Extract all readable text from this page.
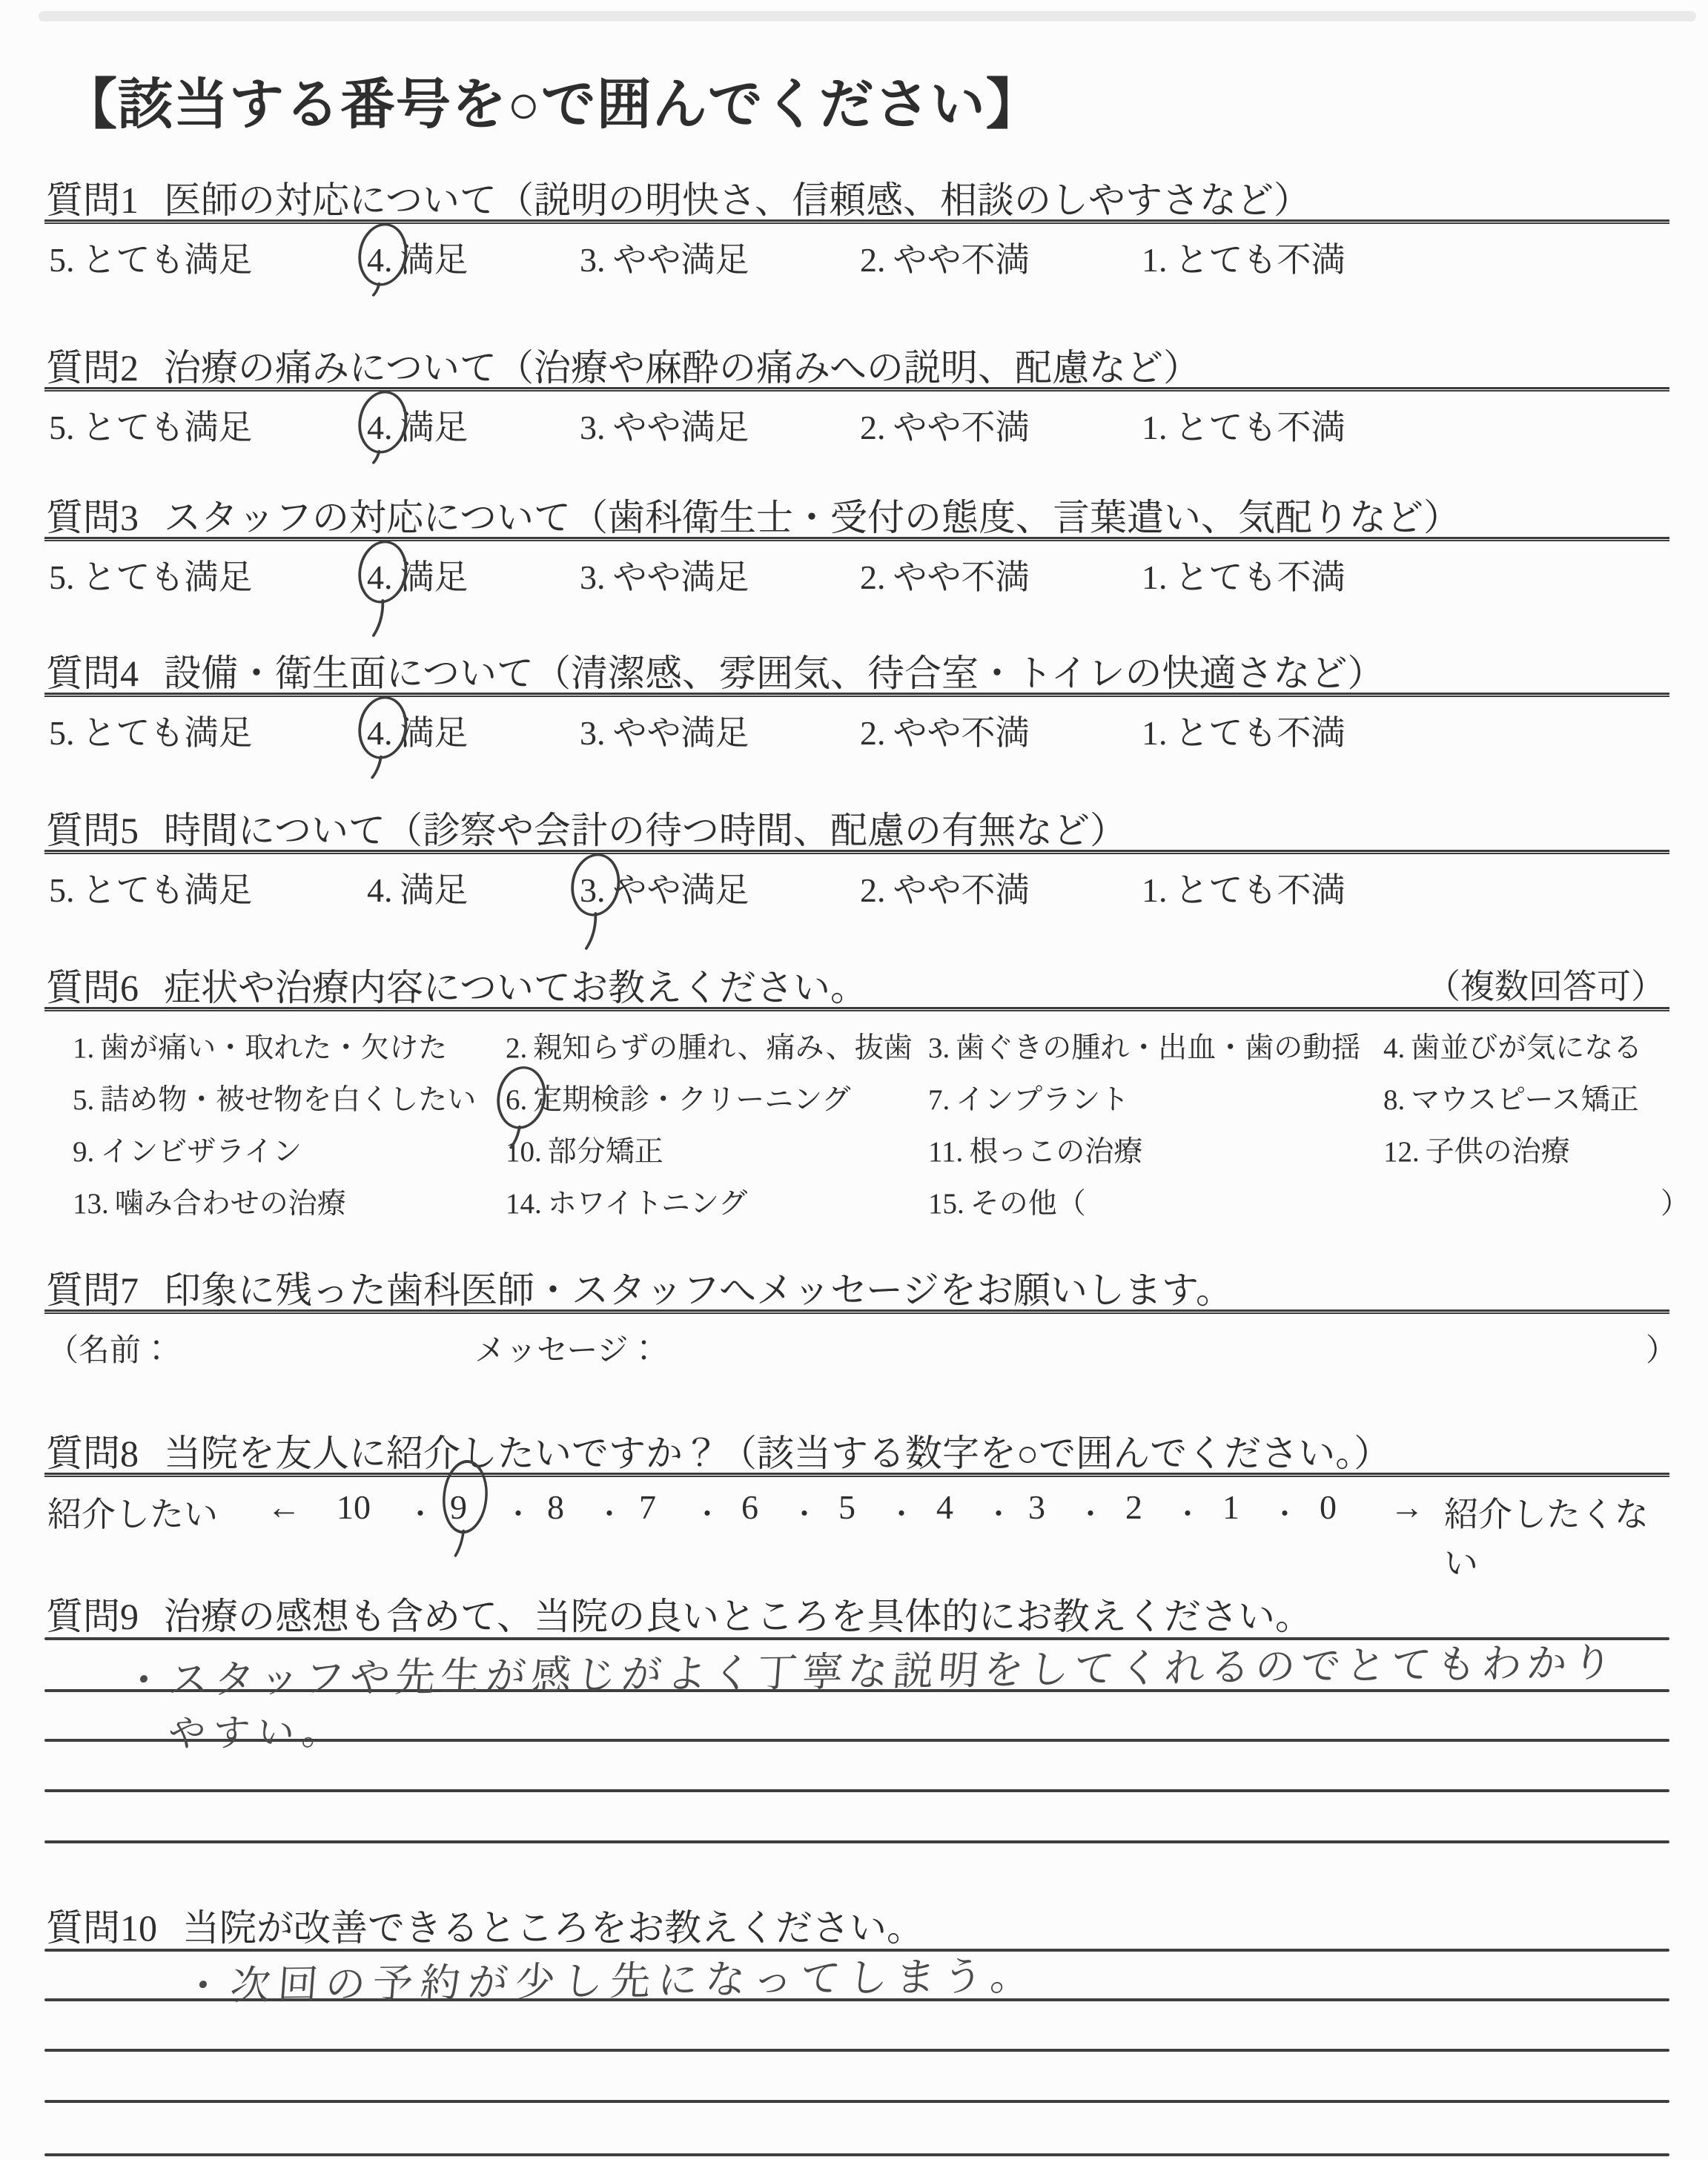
【該当する番号を○で囲んでください】
質問1 医師の対応について（説明の明快さ、信頼感、相談のしやすさなど）
5. とても満足	4. 満足	3. やや満足	2. やや不満	1. とても不満
質問2 治療の痛みについて（治療や麻酔の痛みへの説明、配慮など）
5. とても満足	4. 満足	3. やや満足	2. やや不満	1. とても不満
質問3 スタッフの対応について（歯科衛生士・受付の態度、言葉遣い、気配りなど）
5. とても満足	4. 満足	3. やや満足	2. やや不満	1. とても不満
質問4 設備・衛生面について（清潔感、雰囲気、待合室・トイレの快適さなど）
5. とても満足	4. 満足	3. やや満足	2. やや不満	1. とても不満
質問5 時間について（診察や会計の待つ時間、配慮の有無など）
5. とても満足	4. 満足	3. やや満足	2. やや不満	1. とても不満
質問6 症状や治療内容についてお教えください。	（複数回答可）
1. 歯が痛い・取れた・欠けた 2. 親知らずの腫れ、痛み、抜歯 3. 歯ぐきの腫れ・出血・歯の動揺 4. 歯並びが気になる
5. 詰め物・被せ物を白くしたい 6. 定期検診・クリーニング	7. インプラント	8. マウスピース矯正
9. インビザライン	10. 部分矯正	11. 根っこの治療	12. 子供の治療
13. 噛み合わせの治療	14. ホワイトニング	15. その他（	）
質問7 印象に残った歯科医師・スタッフへメッセージをお願いします。
（名前：	メッセージ：	）
質問8 当院を友人に紹介したいですか？（該当する数字を○で囲んでください。）
紹介したい ←	→ 紹介したくない
10 ・ 9 ・ 8 ・ 7 ・ 6 ・ 5 ・ 4 ・ 3 ・ 2 ・ 1 ・ 0
質問9 治療の感想も含めて、当院の良いところを具体的にお教えください。
・スタッフや先生が感じがよく丁寧な説明をしてくれるのでとてもわかり
やすい。
質問10 当院が改善できるところをお教えください。
・次回の予約が少し先になってしまう。
